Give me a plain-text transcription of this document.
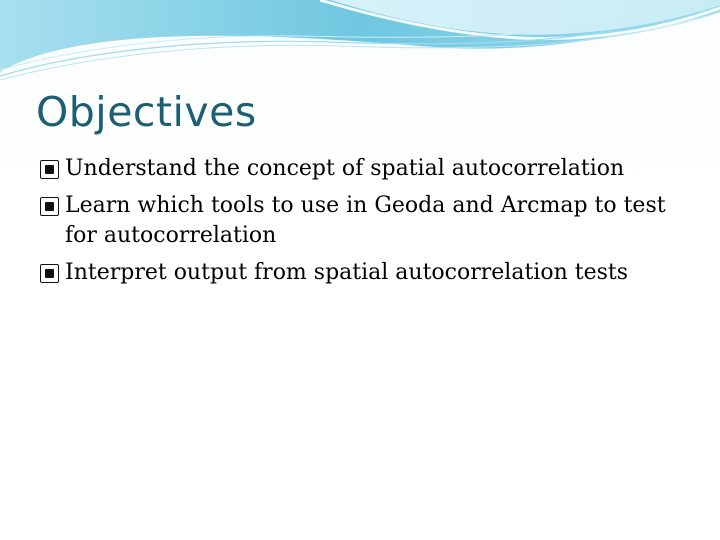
Objectives
Understand the concept of spatial autocorrelation
Learn which tools to use in Geoda and Arcmap to test for autocorrelation
Interpret output from spatial autocorrelation tests
